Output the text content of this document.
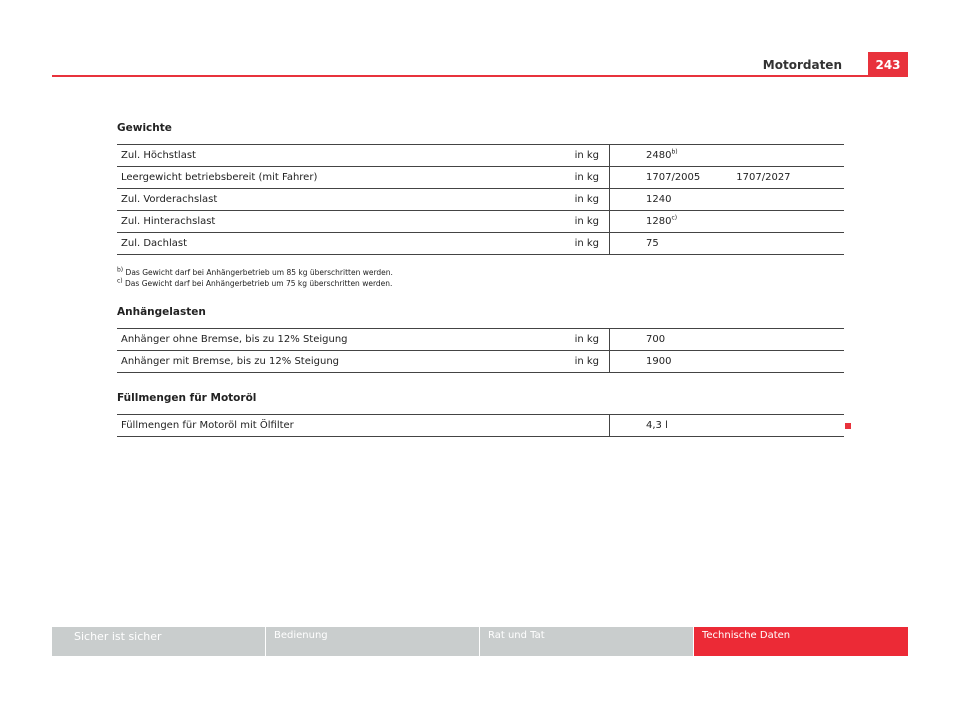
Motordaten	243
Gewichte
Zul. Höchstlast	in kg	2480$^{b)}$
Leergewicht betriebsbereit (mit Fahrer)	in kg	1707/2005 1707/2027
Zul. Vorderachslast	in kg	1240
Zul. Hinterachslast	in kg	1280$^{c)}$
Zul. Dachlast	in kg	75
$^{b)}$ Das Gewicht darf bei Anhängerbetrieb um 85 kg überschritten werden.
$^{c)}$ Das Gewicht darf bei Anhängerbetrieb um 75 kg überschritten werden.
Anhängelasten
Anhänger ohne Bremse, bis zu 12% Steigung	in kg	700
Anhänger mit Bremse, bis zu 12% Steigung	in kg	1900
Füllmengen für Motoröl
Füllmengen für Motoröl mit Ölfilter		4,3 l
Sicher ist sicher	Bedienung	Rat und Tat	Technische Daten
